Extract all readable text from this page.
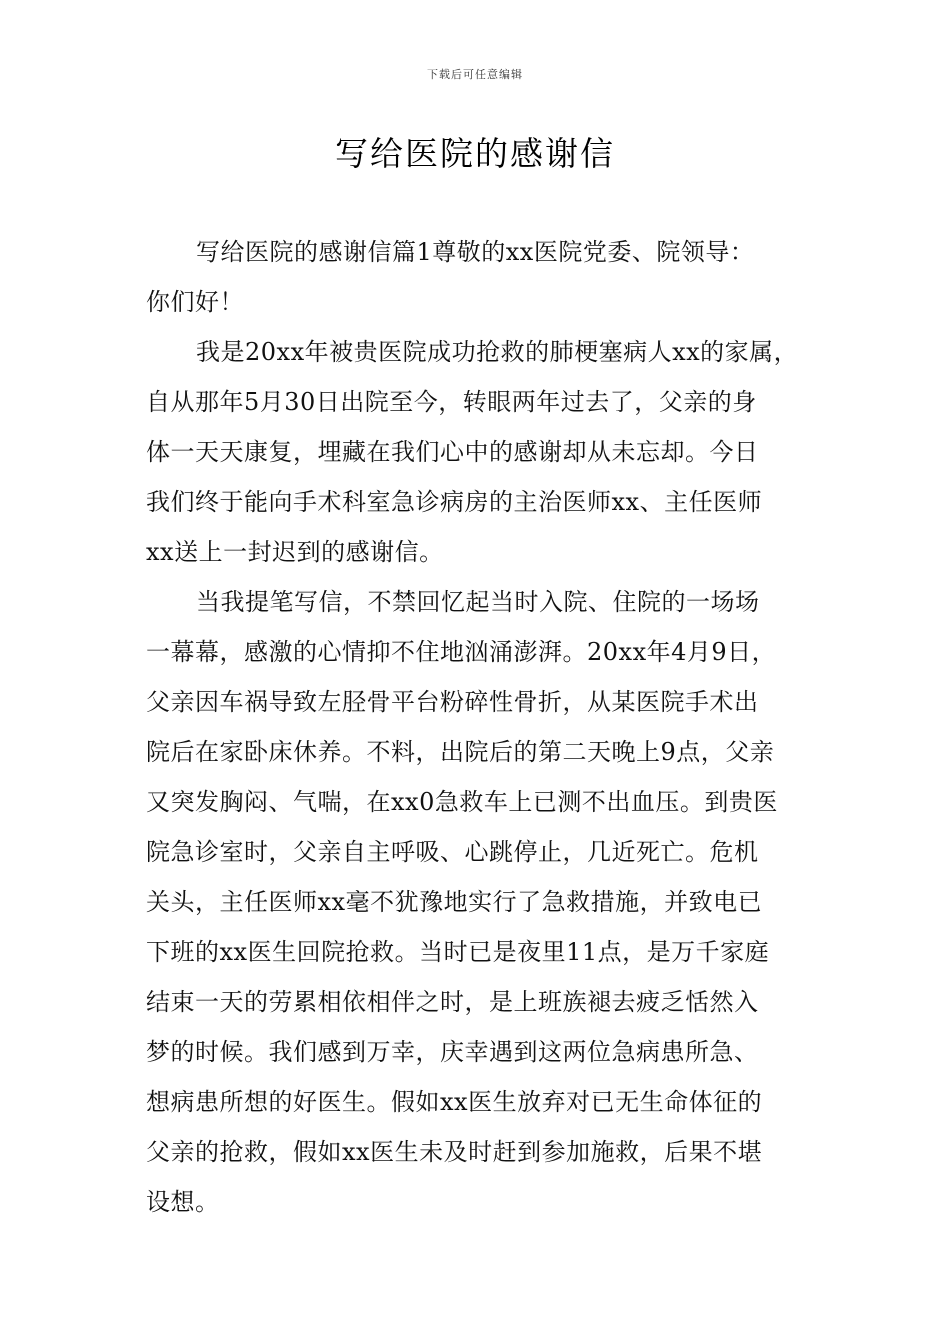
下载后可任意编辑
写给医院的感谢信
写给医院的感谢信篇1尊敬的xx医院党委、院领导：
你们好！
我是20xx年被贵医院成功抢救的肺梗塞病人xx的家属，
自从那年5月30日出院至今，转眼两年过去了，父亲的身
体一天天康复，埋藏在我们心中的感谢却从未忘却。今日
我们终于能向手术科室急诊病房的主治医师xx、主任医师
xx送上一封迟到的感谢信。
当我提笔写信，不禁回忆起当时入院、住院的一场场
一幕幕，感激的心情抑不住地汹涌澎湃。20xx年4月9日，
父亲因车祸导致左胫骨平台粉碎性骨折，从某医院手术出
院后在家卧床休养。不料，出院后的第二天晚上9点，父亲
又突发胸闷、气喘，在xx0急救车上已测不出血压。到贵医
院急诊室时，父亲自主呼吸、心跳停止，几近死亡。危机
关头，主任医师xx毫不犹豫地实行了急救措施，并致电已
下班的xx医生回院抢救。当时已是夜里11点，是万千家庭
结束一天的劳累相依相伴之时，是上班族褪去疲乏恬然入
梦的时候。我们感到万幸，庆幸遇到这两位急病患所急、
想病患所想的好医生。假如xx医生放弃对已无生命体征的
父亲的抢救，假如xx医生未及时赶到参加施救，后果不堪
设想。
